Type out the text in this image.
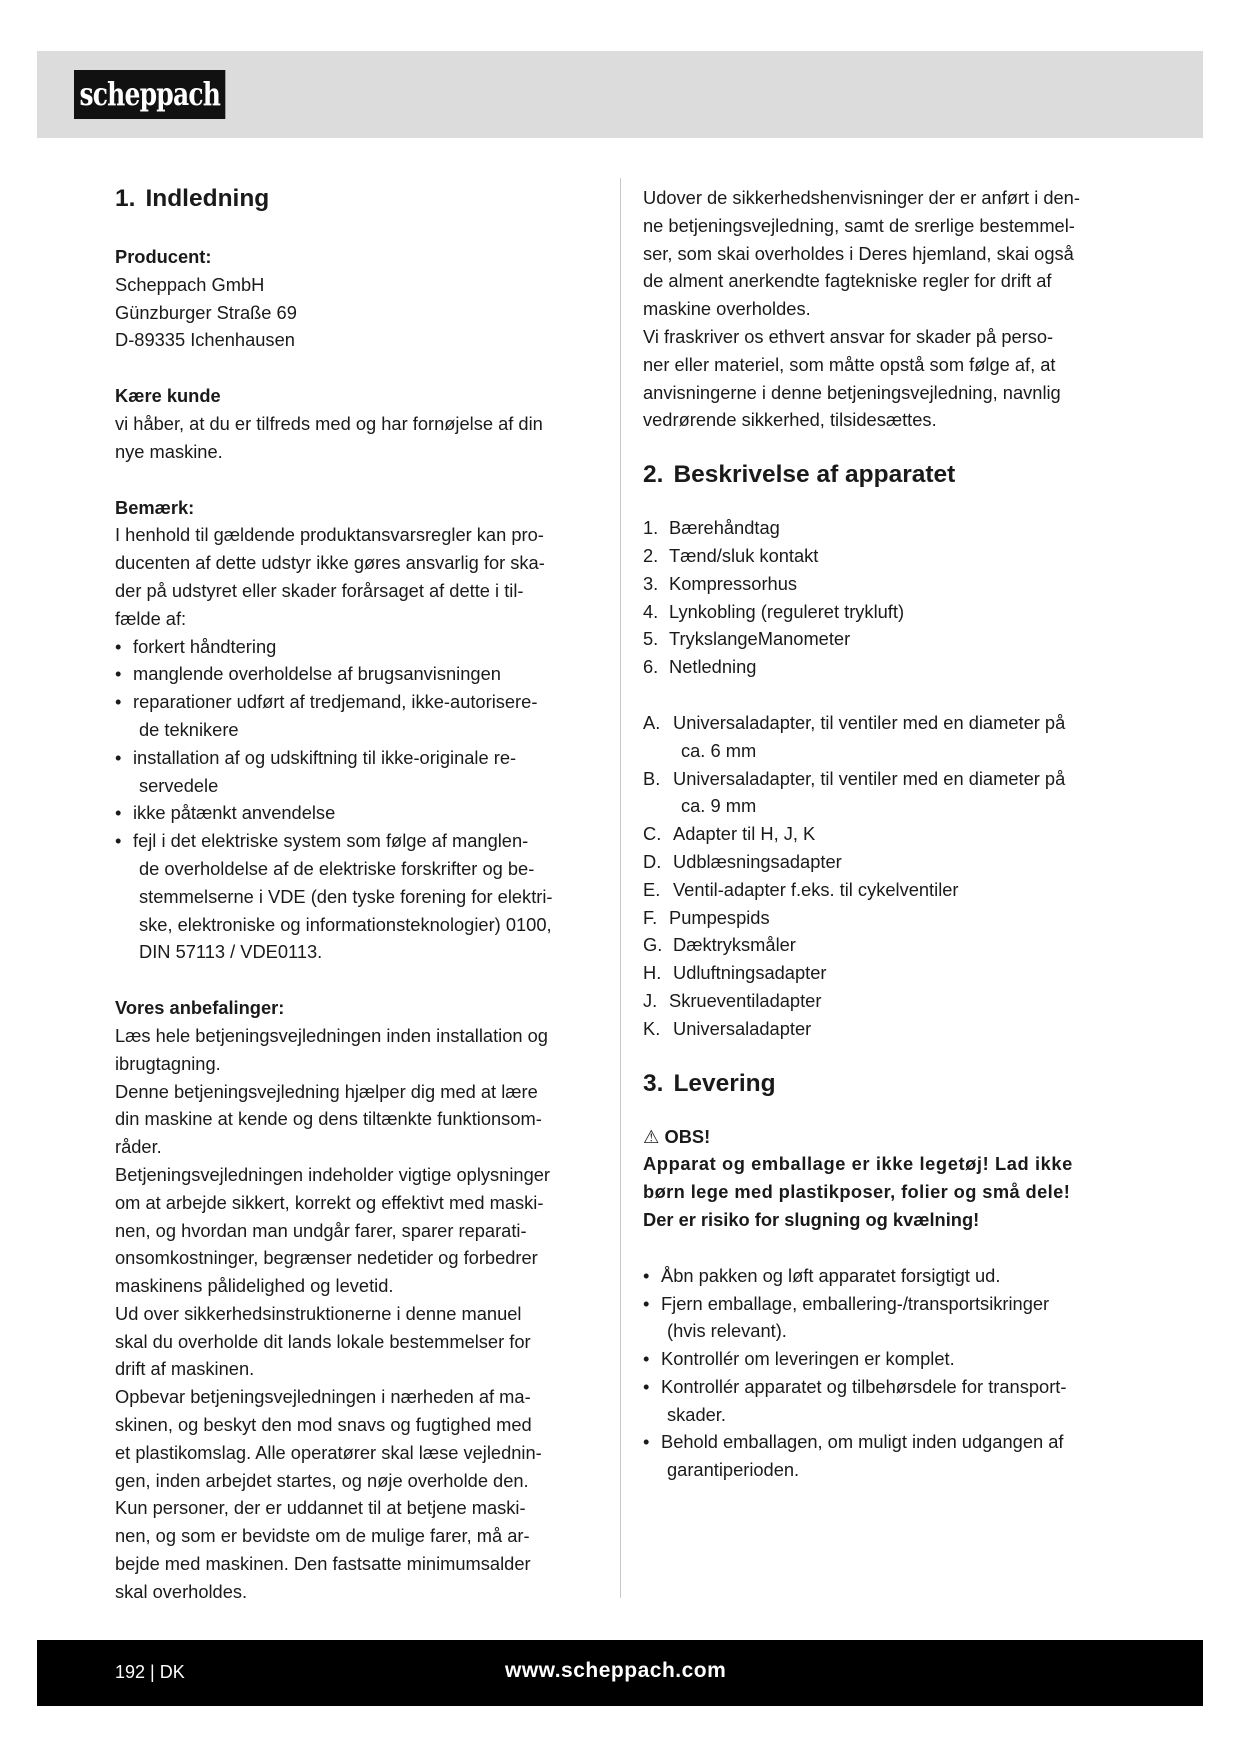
scheppach
1. Indledning
Producent:
Scheppach GmbH
Günzburger Straße 69
D-89335 Ichenhausen
Kære kunde
vi håber, at du er tilfreds med og har fornøjelse af din
nye maskine.
Bemærk:
I henhold til gældende produktansvarsregler kan pro-
ducenten af dette udstyr ikke gøres ansvarlig for ska-
der på udstyret eller skader forårsaget af dette i til-
fælde af:
• forkert håndtering
• manglende overholdelse af brugsanvisningen
• reparationer udført af tredjemand, ikke-autorisere-
de teknikere
• installation af og udskiftning til ikke-originale re-
servedele
• ikke påtænkt anvendelse
• fejl i det elektriske system som følge af manglen-
de overholdelse af de elektriske forskrifter og be-
stemmelserne i VDE (den tyske forening for elektri-
ske, elektroniske og informationsteknologier) 0100,
DIN 57113 / VDE0113.
Vores anbefalinger:
Læs hele betjeningsvejledningen inden installation og
ibrugtagning.
Denne betjeningsvejledning hjælper dig med at lære
din maskine at kende og dens tiltænkte funktionsom-
råder.
Betjeningsvejledningen indeholder vigtige oplysninger
om at arbejde sikkert, korrekt og effektivt med maski-
nen, og hvordan man undgår farer, sparer reparati-
onsomkostninger, begrænser nedetider og forbedrer
maskinens pålidelighed og levetid.
Ud over sikkerhedsinstruktionerne i denne manuel
skal du overholde dit lands lokale bestemmelser for
drift af maskinen.
Opbevar betjeningsvejledningen i nærheden af ma-
skinen, og beskyt den mod snavs og fugtighed med
et plastikomslag. Alle operatører skal læse vejlednin-
gen, inden arbejdet startes, og nøje overholde den.
Kun personer, der er uddannet til at betjene maski-
nen, og som er bevidste om de mulige farer, må ar-
bejde med maskinen. Den fastsatte minimumsalder
skal overholdes.
Udover de sikkerhedshenvisninger der er anført i den-
ne betjeningsvejledning, samt de srerlige bestemmel-
ser, som skai overholdes i Deres hjemland, skai også
de alment anerkendte fagtekniske regler for drift af
maskine overholdes.
Vi fraskriver os ethvert ansvar for skader på perso-
ner eller materiel, som måtte opstå som følge af, at
anvisningerne i denne betjeningsvejledning, navnlig
vedrørende sikkerhed, tilsidesættes.
2. Beskrivelse af apparatet
1. Bærehåndtag
2. Tænd/sluk kontakt
3. Kompressorhus
4. Lynkobling (reguleret trykluft)
5. TrykslangeManometer
6. Netledning
A. Universaladapter, til ventiler med en diameter på
ca. 6 mm
B. Universaladapter, til ventiler med en diameter på
ca. 9 mm
C. Adapter til H, J, K
D. Udblæsningsadapter
E. Ventil-adapter f.eks. til cykelventiler
F. Pumpespids
G. Dæktryksmåler
H. Udluftningsadapter
J. Skrueventiladapter
K. Universaladapter
3. Levering
⚠ OBS!
Apparat og emballage er ikke legetøj! Lad ikke
børn lege med plastikposer, folier og små dele!
Der er risiko for slugning og kvælning!
• Åbn pakken og løft apparatet forsigtigt ud.
• Fjern emballage, emballering-/transportsikringer
(hvis relevant).
• Kontrollér om leveringen er komplet.
• Kontrollér apparatet og tilbehørsdele for transport-
skader.
• Behold emballagen, om muligt inden udgangen af
garantiperioden.
192 | DK	www.scheppach.com
